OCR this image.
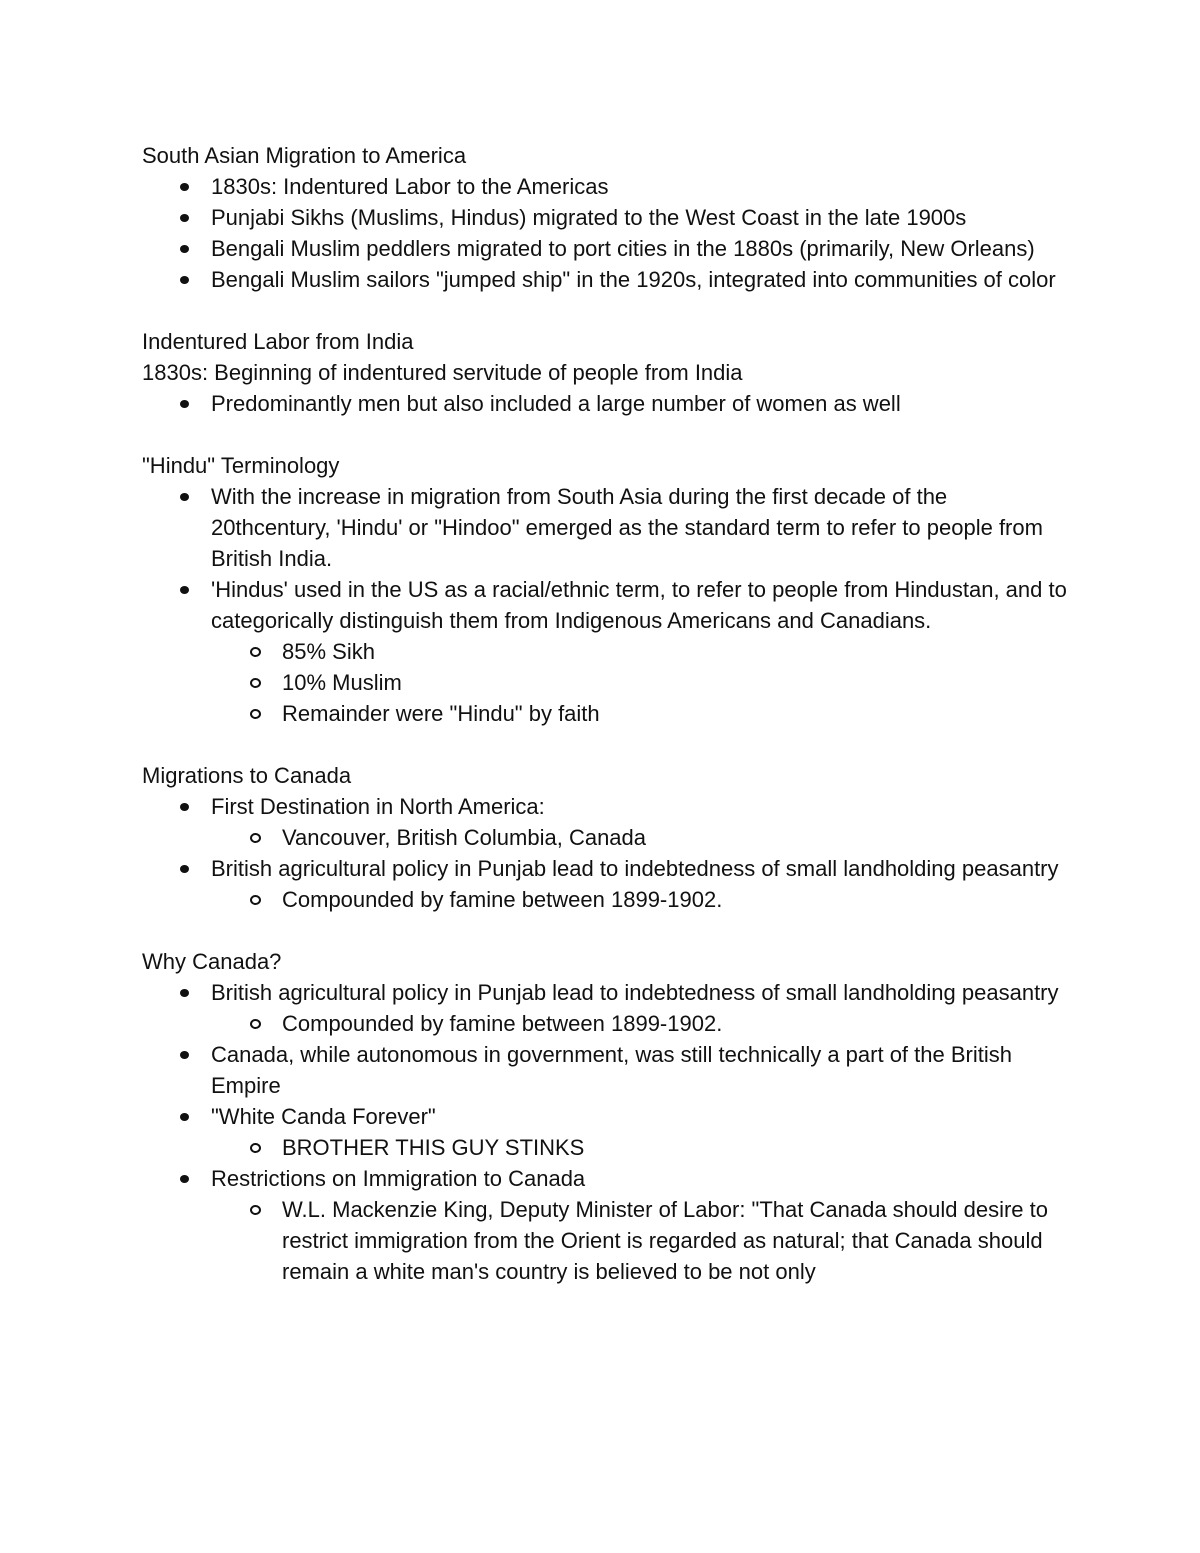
South Asian Migration to America

1830s: Indentured Labor to the Americas
Punjabi Sikhs (Muslims, Hindus) migrated to the West Coast in the late 1900s
Bengali Muslim peddlers migrated to port cities in the 1880s (primarily, New Orleans)
Bengali Muslim sailors "jumped ship" in the 1920s, integrated into communities of color

Indentured Labor from India

1830s: Beginning of indentured servitude of people from India

Predominantly men but also included a large number of women as well

"Hindu" Terminology

With the increase in migration from South Asia during the first decade of the 20thcentury, 'Hindu' or "Hindoo" emerged as the standard term to refer to people from British India.
'Hindus' used in the US as a racial/ethnic term, to refer to people from Hindustan, and to categorically distinguish them from Indigenous Americans and Canadians.
85% Sikh
10% Muslim
Remainder were "Hindu" by faith

Migrations to Canada

First Destination in North America:
Vancouver, British Columbia, Canada
British agricultural policy in Punjab lead to indebtedness of small landholding peasantry
Compounded by famine between 1899-1902.

Why Canada?

British agricultural policy in Punjab lead to indebtedness of small landholding peasantry
Compounded by famine between 1899-1902.
Canada, while autonomous in government, was still technically a part of the British Empire
"White Canda Forever"
BROTHER THIS GUY STINKS
Restrictions on Immigration to Canada
W.L. Mackenzie King, Deputy Minister of Labor: "That Canada should desire to restrict immigration from the Orient is regarded as natural; that Canada should remain a white man's country is believed to be not only
